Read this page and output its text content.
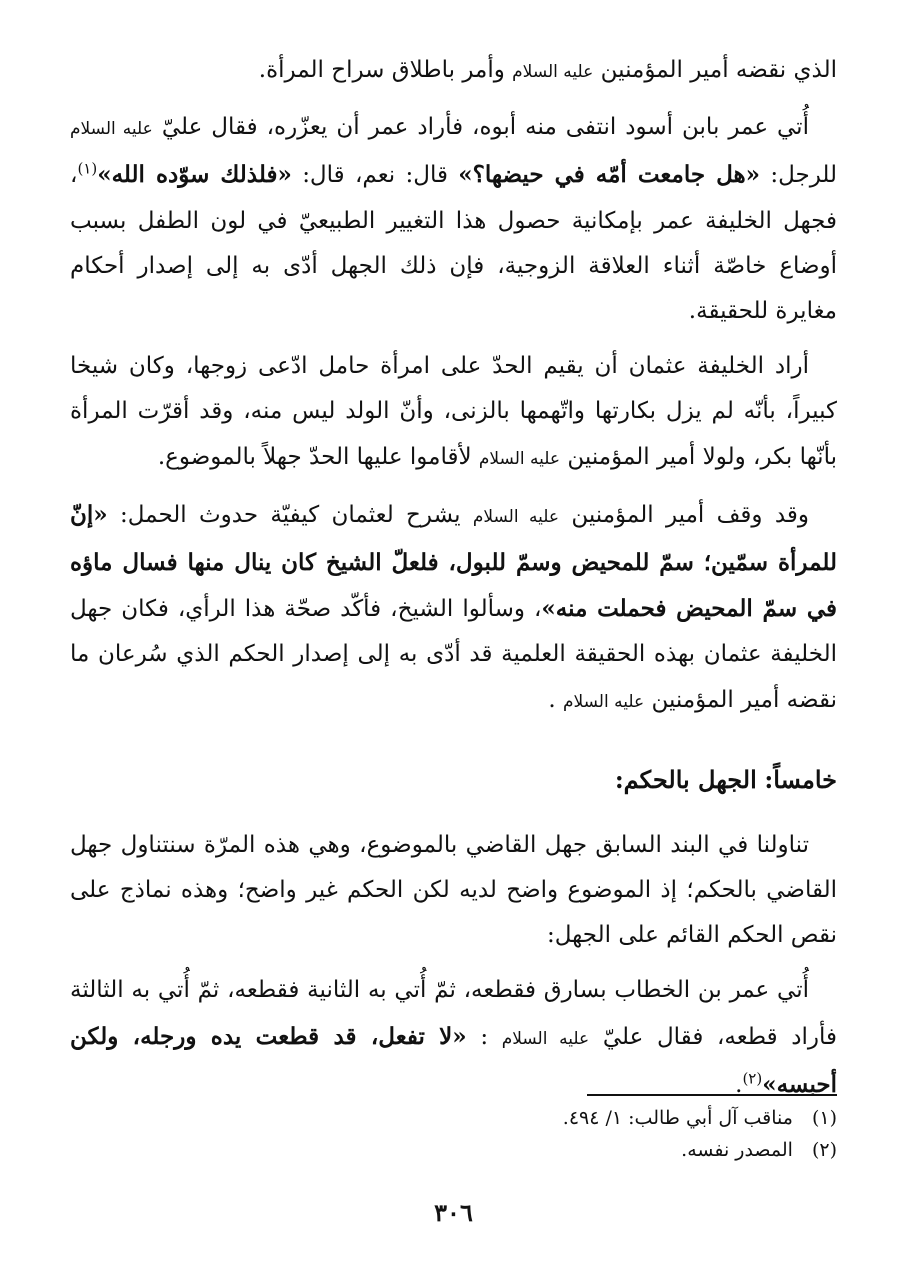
الذي نقضه أمير المؤمنين عليه السلام وأمر باطلاق سراح المرأة.

أُتي عمر بابن أسود انتفى منه أبوه، فأراد عمر أن يعزّره، فقال عليّ عليه السلام للرجل: «هل جامعت أمّه في حيضها؟» قال: نعم، قال: «فلذلك سوّده الله»$^{(١)}$، فجهل الخليفة عمر بإمكانية حصول هذا التغيير الطبيعيّ في لون الطفل بسبب أوضاع خاصّة أثناء العلاقة الزوجية، فإن ذلك الجهل أدّى به إلى إصدار أحكام مغايرة للحقيقة.

أراد الخليفة عثمان أن يقيم الحدّ على امرأة حامل ادّعى زوجها، وكان شيخا كبيراً، بأنّه لم يزل بكارتها واتّهمها بالزنى، وأنّ الولد ليس منه، وقد أقرّت المرأة بأنّها بكر، ولولا أمير المؤمنين عليه السلام لأقاموا عليها الحدّ جهلاً بالموضوع.

وقد وقف أمير المؤمنين عليه السلام يشرح لعثمان كيفيّة حدوث الحمل: «إنّ للمرأة سمّين؛ سمّ للمحيض وسمّ للبول، فلعلّ الشيخ كان ينال منها فسال ماؤه في سمّ المحيض فحملت منه»، وسألوا الشيخ، فأكّد صحّة هذا الرأي، فكان جهل الخليفة عثمان بهذه الحقيقة العلمية قد أدّى به إلى إصدار الحكم الذي سُرعان ما نقضه أمير المؤمنين عليه السلام .

خامساً: الجهل بالحكم:

تناولنا في البند السابق جهل القاضي بالموضوع، وهي هذه المرّة سنتناول جهل القاضي بالحكم؛ إذ الموضوع واضح لديه لكن الحكم غير واضح؛ وهذه نماذج على نقص الحكم القائم على الجهل:

أُتي عمر بن الخطاب بسارق فقطعه، ثمّ أُتي به الثانية فقطعه، ثمّ أُتي به الثالثة فأراد قطعه، فقال عليّ عليه السلام : «لا تفعل، قد قطعت يده ورجله، ولكن أحبسه»$^{(٢)}$.

(١) مناقب آل أبي طالب: ١/ ٤٩٤.
(٢) المصدر نفسه.
٣٠٦
